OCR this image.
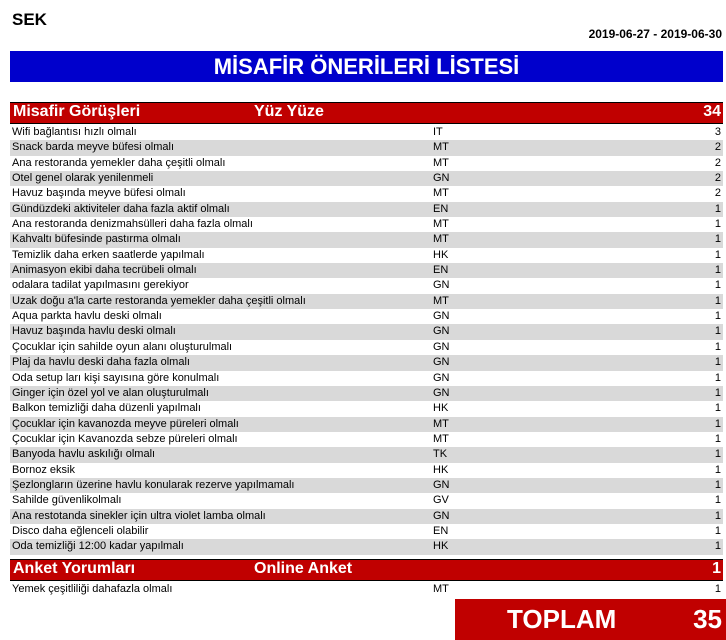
SEK
2019-06-27 - 2019-06-30
MİSAFİR ÖNERİLERİ LİSTESİ
Misafir Görüşleri	Yüz Yüze	34
Wifi bağlantısı hızlı olmalı	IT	3
Snack barda meyve büfesi olmalı	MT	2
Ana restoranda yemekler daha çeşitli olmalı	MT	2
Otel genel olarak yenilenmeli	GN	2
Havuz başında meyve büfesi olmalı	MT	2
Gündüzdeki aktiviteler daha fazla aktif olmalı	EN	1
Ana restoranda denizmahsülleri daha fazla olmalı	MT	1
Kahvaltı büfesinde pastırma olmalı	MT	1
Temizlik daha erken saatlerde yapılmalı	HK	1
Animasyon ekibi daha tecrübeli olmalı	EN	1
odalara tadilat yapılmasını gerekiyor	GN	1
Uzak doğu a'la carte restoranda yemekler daha çeşitli olmalı	MT	1
Aqua parkta havlu deski olmalı	GN	1
Havuz başında havlu deski olmalı	GN	1
Çocuklar için sahilde oyun alanı oluşturulmalı	GN	1
Plaj da havlu deski daha fazla olmalı	GN	1
Oda setup ları kişi sayısına göre konulmalı	GN	1
Ginger için özel yol ve alan oluşturulmalı	GN	1
Balkon temizliği daha düzenli yapılmalı	HK	1
Çocuklar için kavanozda meyve püreleri olmalı	MT	1
Çocuklar için Kavanozda sebze püreleri olmalı	MT	1
Banyoda havlu askılığı olmalı	TK	1
Bornoz eksik	HK	1
Şezlongların üzerine havlu konularak rezerve yapılmamalı	GN	1
Sahilde güvenlikolmalı	GV	1
Ana restotanda sinekler için ultra violet lamba olmalı	GN	1
Disco daha eğlenceli olabilir	EN	1
Oda temizliği 12:00 kadar yapılmalı	HK	1
Anket Yorumları	Online Anket	1
Yemek çeşitliliği dahafazla olmalı	MT	1
TOPLAM	35
